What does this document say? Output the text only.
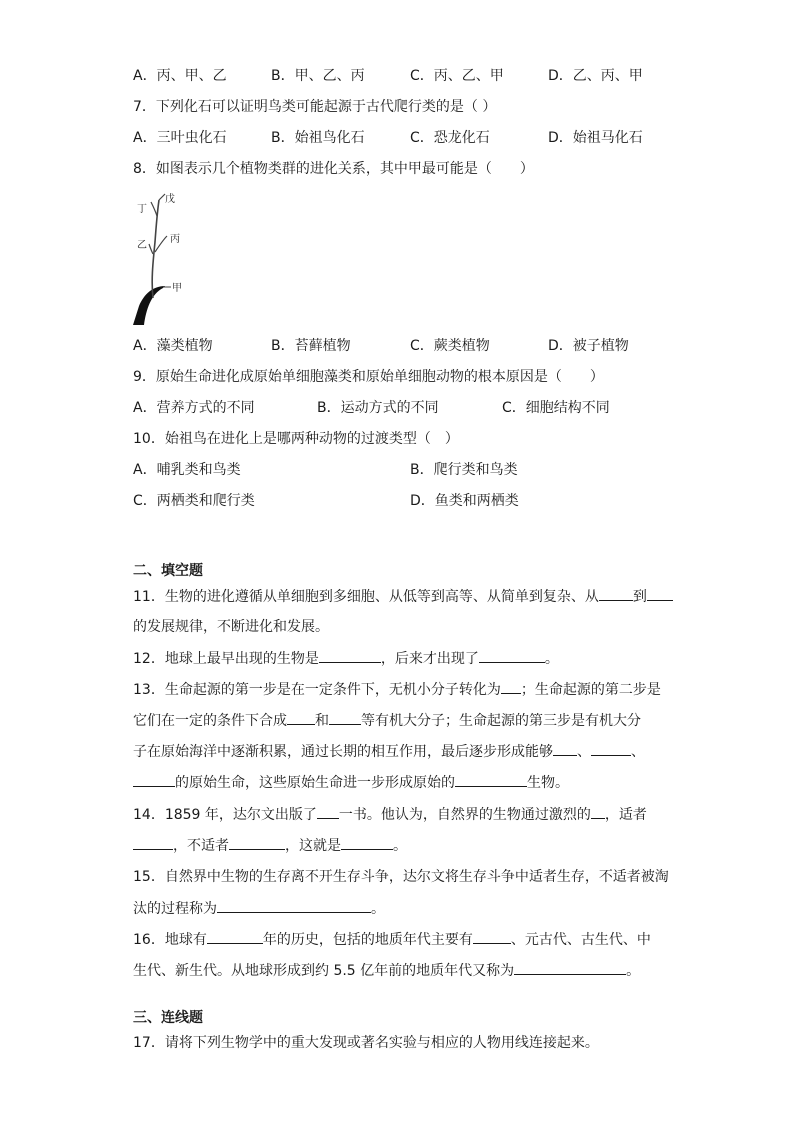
A．丙、甲、乙	B．甲、乙、丙	C．丙、乙、甲	D．乙、丙、甲
7．下列化石可以证明鸟类可能起源于古代爬行类的是（ ）
A．三叶虫化石	B．始祖鸟化石	C．恐龙化石	D．始祖马化石
8．如图表示几个植物类群的进化关系，其中甲最可能是（　　）
丁
戊
乙
丙
甲
A．藻类植物	B．苔藓植物	C．蕨类植物	D．被子植物
9．原始生命进化成原始单细胞藻类和原始单细胞动物的根本原因是（　　）
A．营养方式的不同	B．运动方式的不同	C．细胞结构不同
10．始祖鸟在进化上是哪两种动物的过渡类型（　）
A．哺乳类和鸟类	B．爬行类和鸟类
C．两栖类和爬行类	D．鱼类和两栖类
二、填空题
11．生物的进化遵循从单细胞到多细胞、从低等到高等、从简单到复杂、从 到
的发展规律，不断进化和发展。
12．地球上最早出现的生物是	，后来才出现了	。
13．生命起源的第一步是在一定条件下，无机小分子转化为 ；生命起源的第二步是
它们在一定的条件下合成 和 等有机大分子；生命起源的第三步是有机大分
子在原始海洋中逐渐积累，通过长期的相互作用，最后逐步形成能够 、	、
的原始生命，这些原始生命进一步形成原始的	生物。
14．1859 年，达尔文出版了 一书。他认为，自然界的生物通过激烈的 ，适者
，不适者	，这就是	。
15．自然界中生物的生存离不开生存斗争，达尔文将生存斗争中适者生存，不适者被淘
汰的过程称为	。
16．地球有	年的历史，包括的地质年代主要有	、元古代、古生代、中
生代、新生代。从地球形成到约 5.5 亿年前的地质年代又称为	。
三、连线题
17．请将下列生物学中的重大发现或著名实验与相应的人物用线连接起来。
